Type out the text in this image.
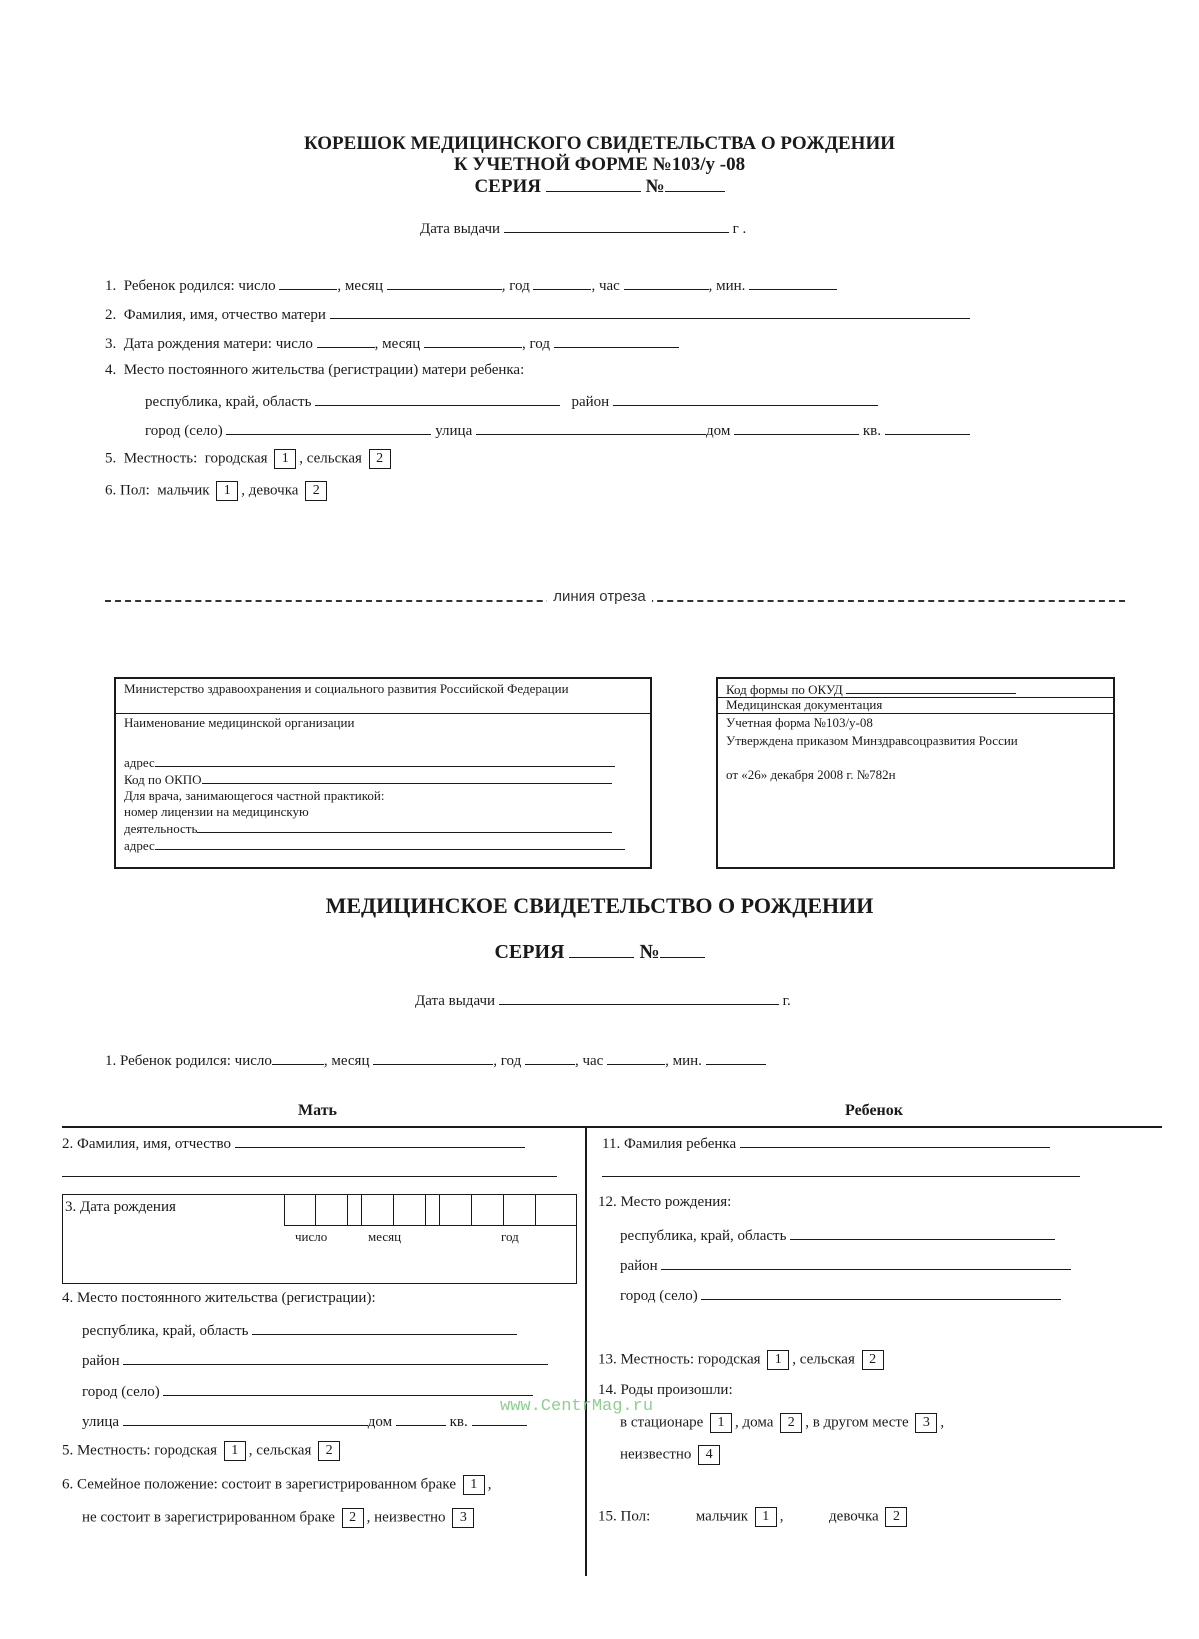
КОРЕШОК МЕДИЦИНСКОГО СВИДЕТЕЛЬСТВА О РОЖДЕНИИ
К УЧЕТНОЙ ФОРМЕ №103/у -08
СЕРИЯ	№
Дата выдачи	г .
1. Ребенок родился: число	, месяц	, год	, час	, мин.
2. Фамилия, имя, отчество матери
3. Дата рождения матери: число	, месяц	, год
4. Место постоянного жительства (регистрации) матери ребенка:
республика, край, область	район
город (село)	улица	дом	кв.
5. Местность: городская 1 , сельская 2
6. Пол: мальчик 1 , девочка 2
линия отреза
Министерство здравоохранения и социального развития Российской Федерации
Наименование медицинской организации
адрес
Код по ОКПО
Для врача, занимающегося частной практикой:
номер лицензии на медицинскую
деятельность
адрес
Код формы по ОКУД
Медицинская документация
Учетная форма №103/у-08
Утверждена приказом Минздравсоцразвития России
от «26» декабря 2008 г. №782н
МЕДИЦИНСКОЕ СВИДЕТЕЛЬСТВО О РОЖДЕНИИ
СЕРИЯ	№
Дата выдачи	г.
1. Ребенок родился: число	, месяц	, год	, час	, мин.
Мать	Ребенок
2. Фамилия, имя, отчество
3. Дата рождения
число	месяц	год
4. Место постоянного жительства (регистрации):
республика, край, область
район
город (село)
улица	дом	кв.
5. Местность: городская 1 , сельская 2
6. Семейное положение: состоит в зарегистрированном браке 1 ,
не состоит в зарегистрированном браке 2 , неизвестно 3
11. Фамилия ребенка
12. Место рождения:
республика, край, область
район
город (село)
13. Местность: городская 1 , сельская 2
14. Роды произошли:
www.CentrMag.ru
в стационаре 1 , дома 2 , в другом месте 3 ,
неизвестно 4
15. Пол:	мальчик 1 ,	девочка 2
